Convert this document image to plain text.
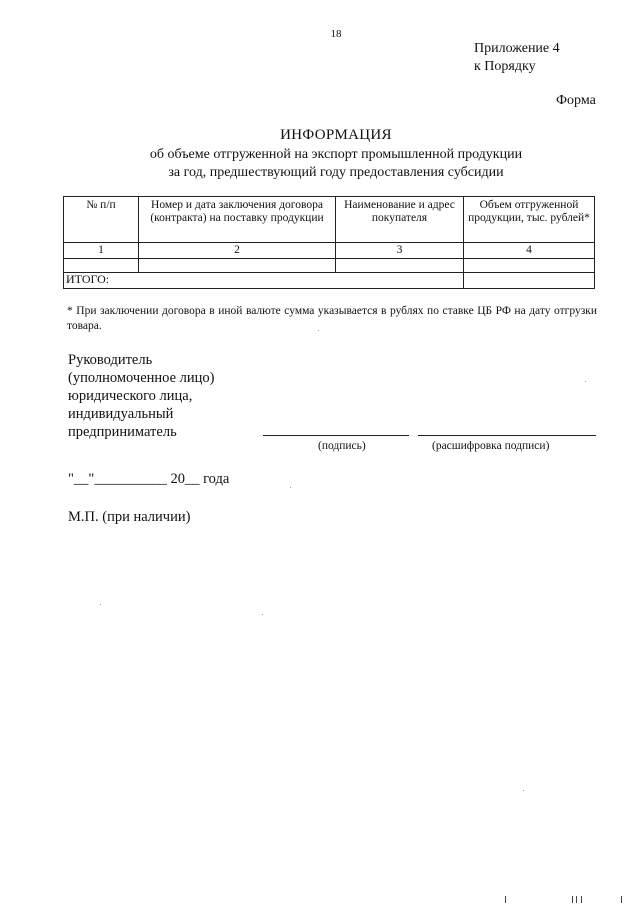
18
Приложение 4
к Порядку
Форма
ИНФОРМАЦИЯ
об объеме отгруженной на экспорт промышленной продукции
за год, предшествующий году предоставления субсидии
№ п/п	Номер и дата заключения договора (контракта) на поставку продукции	Наименование и адрес покупателя	Объем отгруженной продукции, тыс. рублей*
1	2	3	4

ИТОГО:			
* При заключении договора в иной валюте сумма указывается в рублях по ставке ЦБ РФ на дату отгрузки товара.
Руководитель
(уполномоченное лицо)
юридического лица,
индивидуальный
предприниматель
(подпись)	(расшифровка подписи)
"__"__________ 20__ года
М.П. (при наличии)
